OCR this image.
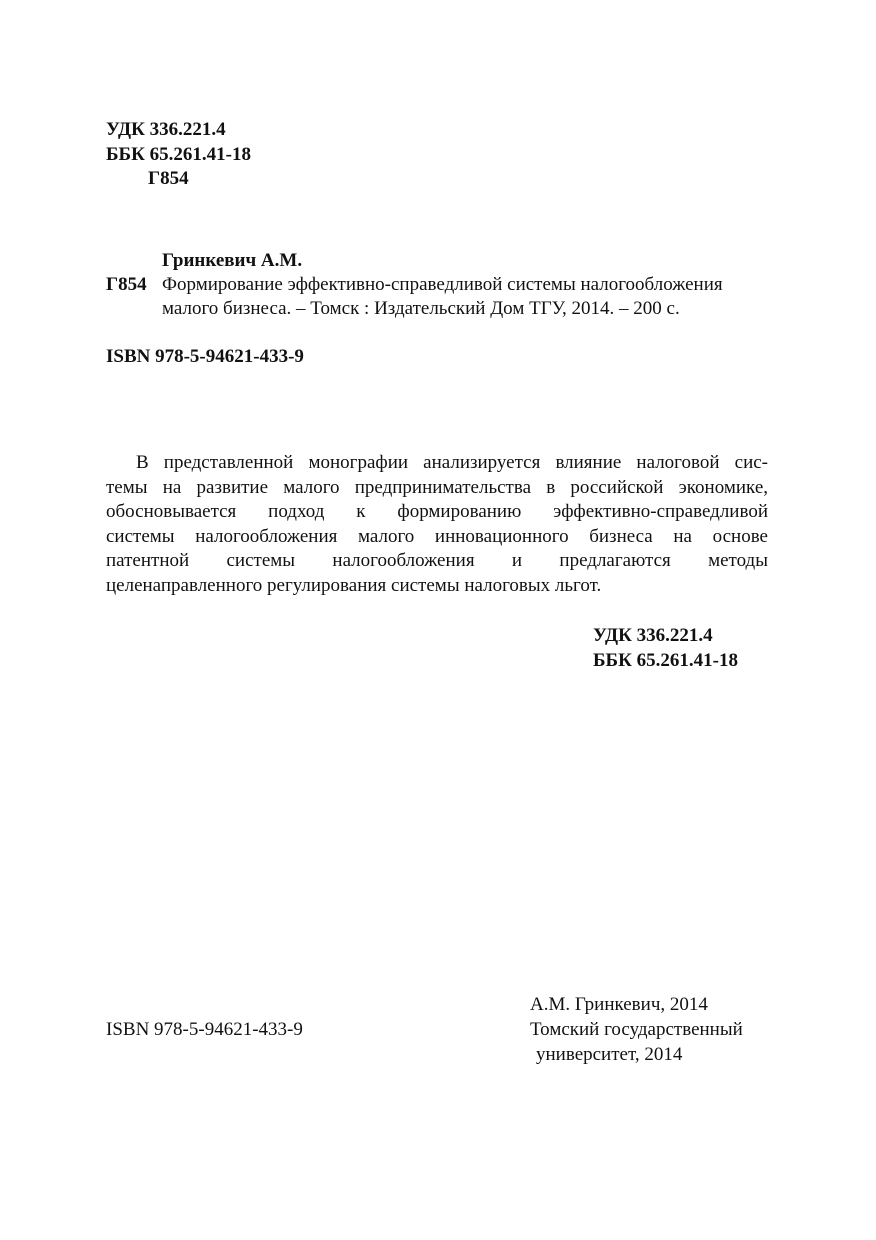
УДК 336.221.4
ББК 65.261.41-18
Г854
Гринкевич А.М.
Г854 Формирование эффективно-справедливой системы налогообложения
малого бизнеса. – Томск : Издательский Дом ТГУ, 2014. – 200 с.
ISBN 978-5-94621-433-9
В представленной монографии анализируется влияние налоговой сис-
темы на развитие малого предпринимательства в российской экономике,
обосновывается подход к формированию эффективно-справедливой
системы налогообложения малого инновационного бизнеса на основе
патентной системы налогообложения и предлагаются методы
целенаправленного регулирования системы налоговых льгот.
УДК 336.221.4
ББК 65.261.41-18
А.М. Гринкевич, 2014
Томский государственный
университет, 2014
ISBN 978-5-94621-433-9
